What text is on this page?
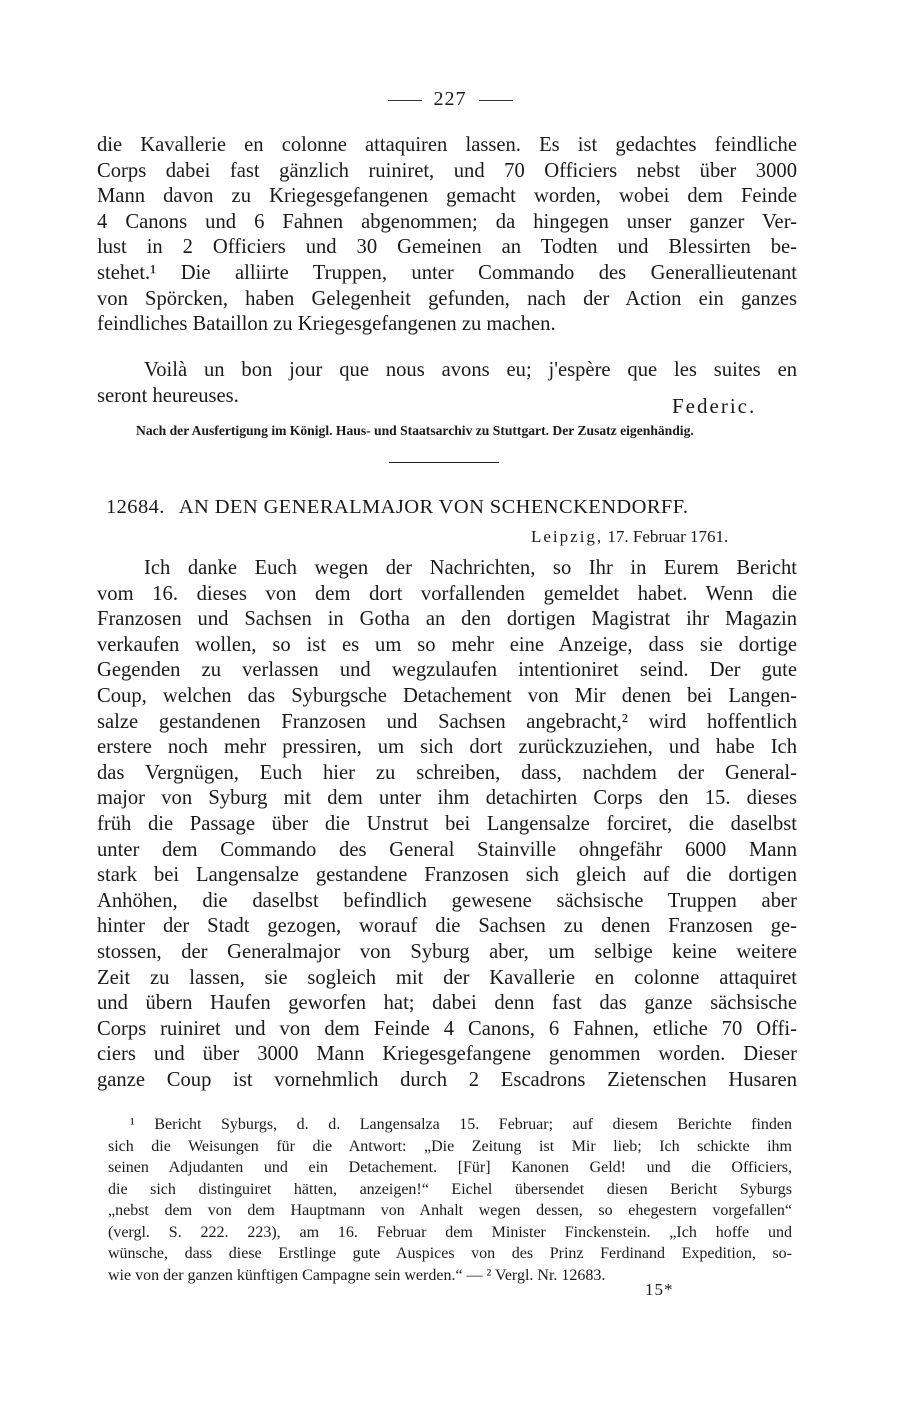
227
die Kavallerie en colonne attaquiren lassen. Es ist gedachtes feindliche
Corps dabei fast gänzlich ruiniret, und 70 Officiers nebst über 3000
Mann davon zu Kriegesgefangenen gemacht worden, wobei dem Feinde
4 Canons und 6 Fahnen abgenommen; da hingegen unser ganzer Ver-
lust in 2 Officiers und 30 Gemeinen an Todten und Blessirten be-
stehet.¹ Die alliirte Truppen, unter Commando des Generallieutenant
von Spörcken, haben Gelegenheit gefunden, nach der Action ein ganzes
feindliches Bataillon zu Kriegesgefangenen zu machen.
Voilà un bon jour que nous avons eu; j'espère que les suites en
seront heureuses.	Federic.
Nach der Ausfertigung im Königl. Haus- und Staatsarchiv zu Stuttgart. Der Zusatz eigenhändig.
12684. AN DEN GENERALMAJOR VON SCHENCKENDORFF.
Leipzig, 17. Februar 1761.
Ich danke Euch wegen der Nachrichten, so Ihr in Eurem Bericht
vom 16. dieses von dem dort vorfallenden gemeldet habet. Wenn die
Franzosen und Sachsen in Gotha an den dortigen Magistrat ihr Magazin
verkaufen wollen, so ist es um so mehr eine Anzeige, dass sie dortige
Gegenden zu verlassen und wegzulaufen intentioniret seind. Der gute
Coup, welchen das Syburgsche Detachement von Mir denen bei Langen-
salze gestandenen Franzosen und Sachsen angebracht,² wird hoffentlich
erstere noch mehr pressiren, um sich dort zurückzuziehen, und habe Ich
das Vergnügen, Euch hier zu schreiben, dass, nachdem der General-
major von Syburg mit dem unter ihm detachirten Corps den 15. dieses
früh die Passage über die Unstrut bei Langensalze forciret, die daselbst
unter dem Commando des General Stainville ohngefähr 6000 Mann
stark bei Langensalze gestandene Franzosen sich gleich auf die dortigen
Anhöhen, die daselbst befindlich gewesene sächsische Truppen aber
hinter der Stadt gezogen, worauf die Sachsen zu denen Franzosen ge-
stossen, der Generalmajor von Syburg aber, um selbige keine weitere
Zeit zu lassen, sie sogleich mit der Kavallerie en colonne attaquiret
und übern Haufen geworfen hat; dabei denn fast das ganze sächsische
Corps ruiniret und von dem Feinde 4 Canons, 6 Fahnen, etliche 70 Offi-
ciers und über 3000 Mann Kriegesgefangene genommen worden. Dieser
ganze Coup ist vornehmlich durch 2 Escadrons Zietenschen Husaren
¹ Bericht Syburgs, d. d. Langensalza 15. Februar; auf diesem Berichte finden
sich die Weisungen für die Antwort: „Die Zeitung ist Mir lieb; Ich schickte ihm
seinen Adjudanten und ein Detachement. [Für] Kanonen Geld! und die Officiers,
die sich distinguiret hätten, anzeigen!“ Eichel übersendet diesen Bericht Syburgs
„nebst dem von dem Hauptmann von Anhalt wegen dessen, so ehegestern vorgefallen“
(vergl. S. 222. 223), am 16. Februar dem Minister Finckenstein. „Ich hoffe und
wünsche, dass diese Erstlinge gute Auspices von des Prinz Ferdinand Expedition, so-
wie von der ganzen künftigen Campagne sein werden.“ — ² Vergl. Nr. 12683.
15*
